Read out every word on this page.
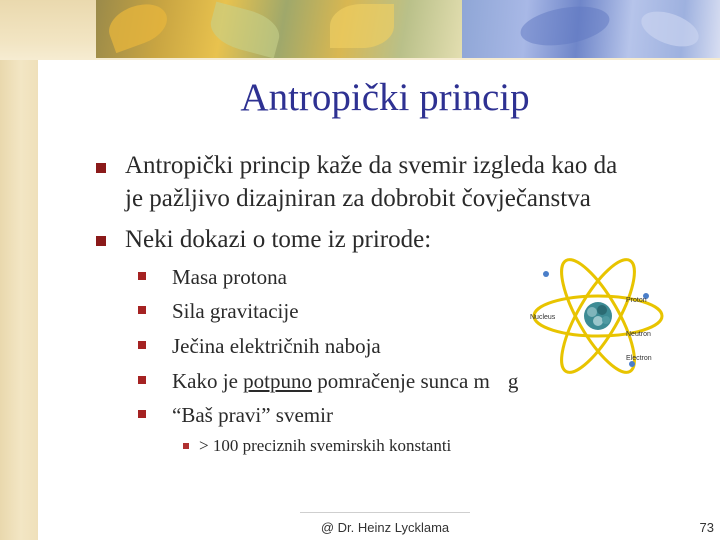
Antropički princip
Antropički princip kaže da svemir izgleda kao da
je pažljivo dizajniran za dobrobit čovječanstva
Neki dokazi o tome iz prirode:
Proton
Nucleus
Neutron
Electron
Masa protona
Sila gravitacije
Ječina električnih naboja
Kako je potpuno pomračenje sunca m g
“Baš pravi” svemir
> 100 preciznih svemirskih konstanti
@ Dr. Heinz Lycklama	73
